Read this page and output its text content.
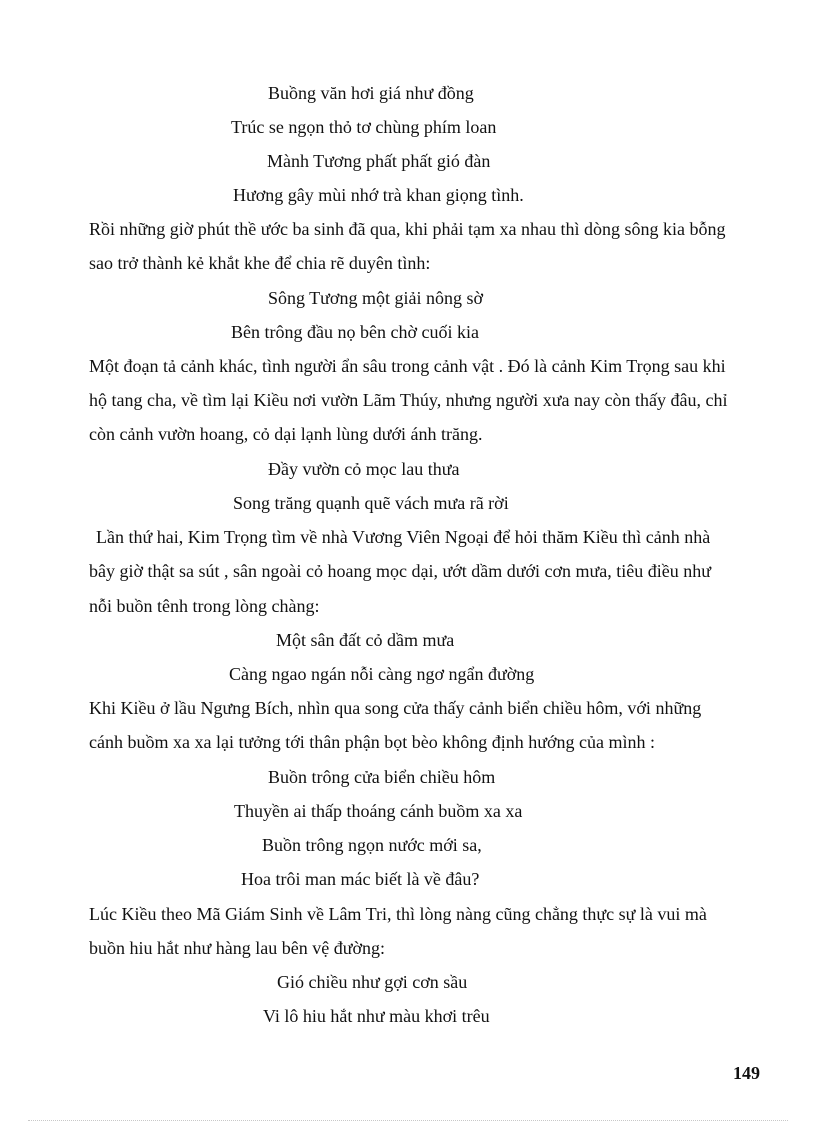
Buồng văn hơi giá như đồng
Trúc se ngọn thỏ tơ chùng phím loan
Mành Tương phất phất gió đàn
Hương gây mùi nhớ trà khan giọng tình.
Rồi những giờ phút thề ước ba sinh đã qua, khi phải tạm xa nhau thì dòng sông kia bỗng
sao trở thành kẻ khắt khe để chia rẽ duyên tình:
Sông Tương một giải nông sờ
Bên trông đầu nọ bên chờ cuối kia
Một đoạn tả cảnh khác, tình người ẩn sâu trong cảnh vật . Đó là cảnh Kim Trọng sau khi
hộ tang cha, về tìm lại Kiều nơi vườn Lãm Thúy, nhưng người xưa nay còn thấy đâu, chỉ
còn cảnh vườn hoang, cỏ dại lạnh lùng dưới ánh trăng.
Đầy vườn cỏ mọc lau thưa
Song trăng quạnh quẽ vách mưa rã rời
Lần thứ hai, Kim Trọng tìm về nhà Vương Viên Ngoại để hỏi thăm Kiều thì cảnh nhà
bây giờ thật sa sút , sân ngoài cỏ hoang mọc dại, ướt dầm dưới cơn mưa, tiêu điều như
nỗi buồn tênh trong lòng chàng:
Một sân đất cỏ dầm mưa
Càng ngao ngán nỗi càng ngơ ngẩn đường
Khi Kiều ở lầu Ngưng Bích, nhìn qua song cửa thấy cảnh biển chiều hôm, với những
cánh buồm xa xa lại tưởng tới thân phận bọt bèo không định hướng của mình :
Buồn trông cửa biển chiều hôm
Thuyền ai thấp thoáng cánh buồm xa xa
Buồn trông ngọn nước mới sa,
Hoa trôi man mác biết là về đâu?
Lúc Kiều theo Mã Giám Sinh về Lâm Tri, thì lòng nàng cũng chẳng thực sự là vui mà
buồn hiu hắt như hàng lau bên vệ đường:
Gió chiều như gợi cơn sầu
Vi lô hiu hắt như màu khơi trêu
149
